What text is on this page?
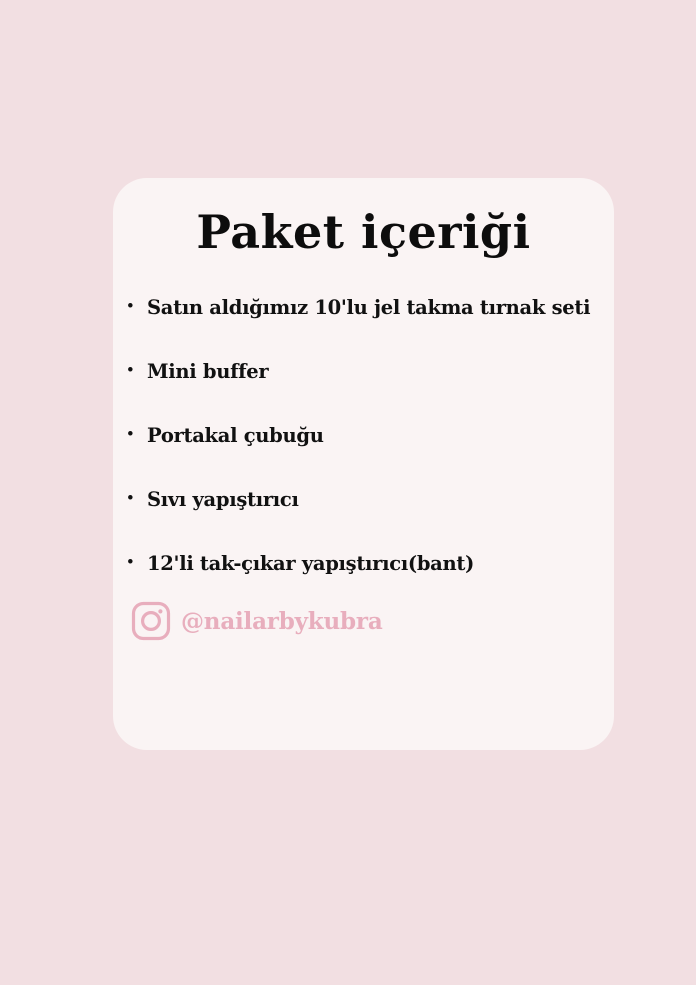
Paket içeriği
• Satın aldığımız 10'lu jel takma tırnak seti
• Mini buffer
• Portakal çubuğu
• Sıvı yapıştırıcı
• 12'li tak-çıkar yapıştırıcı(bant)
@nailarbykubra
